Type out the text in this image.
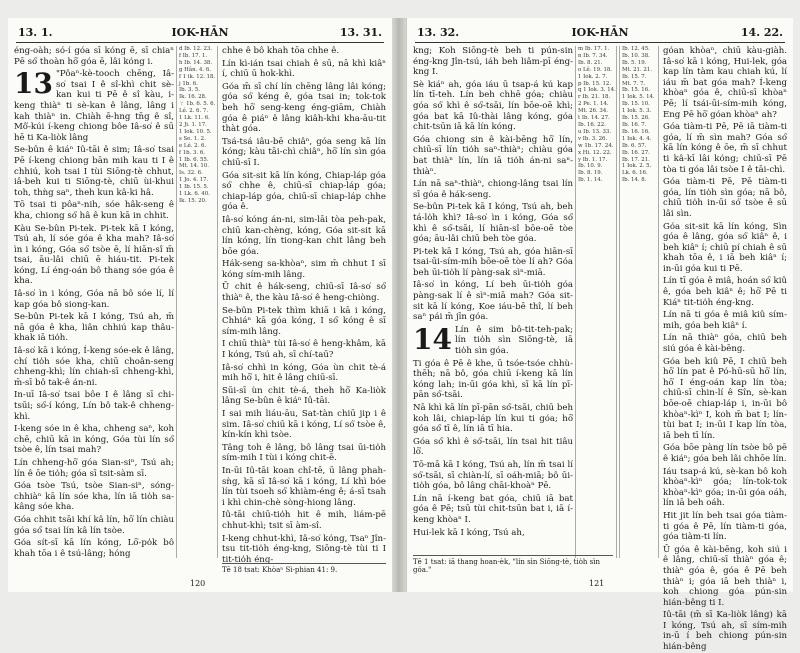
13. 1.	IOK-HĀN	13. 31.

éng-oàh; só-í góa sī kóng ē, sī chiaⁿ Pē só͘ thoàn hō͘ góa ē, lâi kóng i.

13 "Pôaⁿ-kè-tooch chēng, Iâ-so͘ tsai I ê sî-khì chit sè-kan kui ti Pē ê sî kàu, i-keng thiàⁿ ti sè-kan ê lâng, lâng i kah thiàⁿ in. Chiàh ē-hng tn̄g ê sî, Mô͘-kúi í-keng chiong bôe Iâ-so͘ ê sū hē ti Ka-liòk lâng

Se-bûn ê kiáⁿ Iû-tāi ê sim; Iâ-so͘ tsai Pē í-keng chiong bān mih kau ti I ê chhiú, koh tsai I tùi Siōng-tè chhut, iâ-beh kui ti Siōng-tè, chiū ùi-khui toh, thǹg saⁿ, theh kun kâ-ki hâ.

Tō tsai ti pôaⁿ-nih, sóe hâk-seng ê kha, chiong só͘ hâ ê kun kā in chhit.

Kàu Se-bûn Pi-tek. Pi-tek kā I kóng, Tsú ah, lí sóe góa ê kha mah? Iâ-so͘ ìn i kóng, Góa só͘ tsòe ē, lí hiān-sî m̄ tsai, āu-lâi chiū ē hiáu-tit. Pi-tek kóng, Lí éng-oán bô thang sóe góa ê kha.

Iâ-so͘ ìn i kóng, Góa nā bô sóe lí, lí kap góa bô siong-kan.

Se-bûn Pi-tek kā I kóng, Tsú ah, m̄ nā góa ê kha, liân chhiú kap thâu-khak iā tio̍h.

Iâ-so͘ kā i kóng, Í-keng sóe-ek ê lâng, chí tio̍h sóe kha, chiū choân-seng chheng-khì; lín chiah-sī chheng-khì, m̄-sī bô tak-ê án-ni.

In-uī Iâ-so͘ tsai bôe I ê lâng sī chi-tsūi; só͘-í kóng, Lín bô tak-ê chheng-khì.

I-keng sóe in ê kha, chheng saⁿ, koh chē, chiū kā in kóng, Góa tùi lín só͘ tsòe ê, lín tsai mah?

Lín chheng-hō͘ góa Sian-siⁿ, Tsú ah; lín ê ōe tio̍h; góa sī tsit-sàm sī.

Góa tsòe Tsú, tsòe Sian-siⁿ, sóng-chhiàⁿ kā lín sóe kha, lín iā tio̍h sa-kâng sóe kha.

Góa chhit tsāi khí kâ lín, hō͘ lín chiàu góa só͘ tsai lín kâ lín tsòe.

Góa sít-sī kā lín kóng, Lō͘-po̍k bô khah tōa i ê tsú-lâng; hóng

d Ib. 12. 23.
f Ib. 17. 1.
h Ib. 14. 38.
g Hân. 4. 6.
f 1 ik. 12. 18.
j 1b. 6.
Ib. 3. 5.
Ik. 16. 28.
ㄚ 1b. 6. 5. 6.
Lé. 2. 6. 7.
1 Lk. 11. 6.
2 Ji. 1. 17.
1 Iok. 10. 5.
s Se. 1. 2.
e Lé. 2. 6.
f 1b. 3. 6.
1 Ib. 6. 55.
Mt. 14. 10.
Is. 32. 6.
1 Jo. 4. 17.
1 Ib. 15. 5.
1 Lk. 6. 40.
Ik. 15. 20.

chhe ê bô khah tōa chhe ê.

Lín kì-ián tsai chiah ê sū, nā khì kiâⁿ í, chiū ū hok-khì.

Góa m̄ sī chí lín chēng lâng lâi kóng; góa só͘ kéng ê, góa tsai in; tok-tok beh hō͘ seng-keng éng-giām, Chiàh góa ê piáⁿ ê lâng kiâh-khi kha-āu-tit thàt góa.

Tsá-tsá iâu-bē chiâⁿ, góa seng kā lín kóng; kàu tāi-chì chiâⁿ, hō͘ lín sìn góa chiū-sī I.

Góa sit-sit kā lín kóng, Chiap-láp góa só͘ chhe ê, chiū-sī chiap-láp góa; chiap-láp góa, chiū-sī chiap-láp chhe góa ê.

Iâ-so͘ kóng án-ni, sim-lāi tòa peh-pak, chiū kan-chèng, kóng, Góa sit-sit kā lín kóng, lín tiong-kan chit lâng beh bōe góa.

Hák-seng sa-khòaⁿ, sim m̄ chhut I sī kóng sím-mih lâng.

Ū chit ê hák-seng, chiū-sī Iâ-so͘ só͘ thiàⁿ ê, the kàu Iâ-so͘ ê heng-chiòng.

Se-bûn Pi-tek thìm khiā i kā i kóng, Chhiáⁿ kā góa kóng, I só͘ kóng ê sī sím-mih lâng.

I chiū thiàⁿ tùi Iâ-so͘ ê heng-khâm, kā I kóng, Tsú ah, sī chí-taū?

Iâ-so͘ chhì in kóng, Góa ùn chit tè-á mih hō͘ i, hit ê lâng chiū-sī.

Sūi-sī ùn chit tè-á, theh hō͘ Ka-liòk lâng Se-bûn ê kiáⁿ Iû-tāi.

I sai mih liáu-āu, Sat-tàn chiū jip i ê sim. Iâ-so͘ chiū kā i kóng, Lí só͘ tsòe ê, kín-kín khì tsòe.

Tâng toh ê lâng, bô lâng tsai ūi-tio̍h sím-mih I tùi i kóng chit-ē.

In-ūi Iû-tāi koan chî-tē, ū lâng phah-sǹg, kā sī Iâ-so͘ kā i kóng, Lí khì bóe lín tùi tsoeh só͘ khiàm-éng ê; á-sī tsah i khì chin-chè sòng-hiong lâng.

Iû-tāi chiū-tio̍h hit ê mih, liám-pē chhut-khì; tsit sī àm-sî.

I-keng chhut-khì, Iâ-so͘ kóng, Tsaⁿ Jîn-tsu tit-tio̍h éng-kng, Siōng-tè tùi ti I tit-tio̍h éng-

Tē 18 tsat: Khòaⁿ Sì-phian 41: 9.
120
13. 32.	IOK-HĀN	14. 22.

kng; Koh Siōng-tè beh ti pún-sin éng-kng Jîn-tsú, iáh beh liâm-pī éng-kng I.

Sè kiáⁿ ah, góa iáu ū tsap-á kú kap lín tī-teh. Lín beh chhē góa; chiàu góa só͘ khì ê só͘-tsāi, lín bōe-oē khì; góa bat kā Iû-thài lâng kóng, góa chit-tsūn iā kā lín kóng.

Góa chiong sin ê kài-bēng hō͘ lín, chiū-sī lín tio̍h saⁿ-thiàⁿ; chiàu góa bat thiàⁿ lín, lín iā tio̍h án-ni saⁿ-thiàⁿ.

Lín nā saⁿ-thiàⁿ, chiong-lâng tsai lín sī góa ê hák-seng.

Se-bûn Pi-tek kā I kóng, Tsú ah, beh tá-lo̍h khì? Iâ-so͘ ìn i kóng, Góa só͘ khì ê só͘-tsāi, lí hiān-sî bōe-oē tòe góa; āu-lâi chiū beh tòe góa.

Pi-tek kā I kóng, Tsú ah, góa hiān-sī tsai-ūi-sím-mih bōe-oē tòe lí ah? Góa beh ūi-tio̍h lí pàng-sak sìⁿ-miā.

Iâ-so͘ ìn kóng, Lí beh ūi-tio̍h góa pàng-sak lí ê sìⁿ-miā mah? Góa sit-sit kā lí kóng, Koe iáu-bē thî, lí beh saⁿ pái m̄ jīn góa.

14 Lín ê sim bô-tit-teh-pak; lín tio̍h sìn Siōng-tè, iā tio̍h sìn góa.

Ti góa ê Pē ê khe, ū tsóe-tsóe chhù-thēh; nā bô, góa chiū í-keng kā lín kóng lah; in-ūi góa khì, sī kā lín pī-pān só͘-tsāi.

Nā khì kā lín pī-pān só͘-tsāi, chiū beh koh lâi, chiap-láp lín kui ti góa; hō͘ góa só͘ tī ê, lín iā tī hia.

Góa só͘ khì ê só͘-tsāi, lín tsai hit tiâu lō͘.

Tō-mā kā I kóng, Tsú ah, lín m̄ tsai lí só͘-tsāi, sī chiàn-lí, sī oáh-miā; bô ūi-tio̍h góa, bô lâng chāi-khoàⁿ Pē.

Lín nā í-keng bat góa, chiū iā bat góa ê Pē; tsū tùi chit-tsūn bat i, iā í-keng khòaⁿ I.

Hui-lek kā I kóng, Tsú ah,

m Ib. 17. 1.
n Ib. 7. 34.
Ib. 8. 21.
o Lê. 19. 18.
1 Iok. 2. 7.
p Ib. 15. 12.
q 1 Iok. 3. 14.
r Ib. 21. 18.
2 Pe. 1. 14.
Mt. 26. 34.
t Ib. 14. 27.
Ib. 16. 22.
u Ib. 13. 33.
v Ib. 3. 26.
w 1b. 17. 24.
x Hi. 12. 22.
y Ib. 1. 17.
Ib. 10. 9.
Ib. 8. 19.
Ib. 1. 14.
Ib. 12. 45.
Ib. 10. 38.
Ib. 5. 19.
Mt. 21. 21.
Ib. 15. 7.
Mt. 7. 7.
Ib. 15. 16.
1 Iok. 5. 14.
Ib. 15. 10.
1 Iok. 5. 3.
Ib. 15. 26.
Ib. 16. 7.
Ib. 16. 16.
1 Iok. 4. 4.
Ib. 6. 57.
Ib. 16. 27.
Ib. 17. 21.
1 Iok. 2. 5.
Lk. 6. 16.
Ib. 14. 8.

góan khòaⁿ, chiū kàu-giàh. Iâ-so͘ kā i kóng, Hui-lek, góa kap lín tàm kau chiah kú, lí iáu m̄ bat góa mah? Í-keng khòaⁿ góa ê, chiū-sī khòaⁿ Pē; lí tsái-ūi-sím-mih kóng, Eng Pē hō͘ góan khòaⁿ ah?

Góa tiàm-ti Pē, Pē iā tiàm-ti góa, lí m̄ sìn mah? Góa só͘ kā lín kóng ê ōe, m̄ sī chhut ti kâ-kī lâi kóng; chiū-sī Pē tòa ti góa lâi tsòe I ê tāi-chì.

Góa tiàm-ti Pē, Pē tiàm-ti góa, lín tio̍h sìn góa; nā bô, chiū tio̍h in-ūi só͘ tsòe ê sū lâi sìn.

Góa sit-sit kā lín kóng, Sìn góa ê lâng, góa só͘ kiâⁿ ê, i beh kiâⁿ í; chiū pí chiah ê sū khah tōa ê, i iā beh kiâⁿ í; in-ūi góa kui ti Pē.

Lín tī góa ê miâ, hoán só͘ kiû ê, góa beh kiâⁿ ê; hō͘ Pē ti Kiáⁿ tit-tio̍h éng-kng.

Lín nā ti góa ê miâ kiû sím-mih, góa beh kiâⁿ í.

Lín nā thiàⁿ góa, chiū beh siú góa ê kài-bēng.

Góa beh kiû Pē, I chiū beh hō͘ lín pat ê Pó-hū-sū hō͘ lín, hō͘ I éng-oán kap lín tòa; chiū-sī chin-lí ê Sîn, sè-kan bōe-oē chiap-láp i, in-ūi bô khòaⁿ-kìⁿ I, koh m̄ bat I; lín-tùi bat I; in-ūi I kap lín tòa, iā beh tī lín.

Góa bōe pàng lín tsòe bô pē ê kiáⁿ; góa beh lâi chhōe lín.

Iáu tsap-á kú, sè-kan bô koh khòaⁿ-kìⁿ góa; lín-tok-tok khòaⁿ-kìⁿ góa; in-ūi góa oáh, lín iā beh oáh.

Hit jit lín beh tsai góa tiàm-ti góa ê Pē, lín tiàm-ti góa, góa tiàm-ti lín.

Ū góa ê kài-bēng, koh siú i ê lâng, chiū-sī thiàⁿ góa ê; thiàⁿ góa ê, góa ê Pē beh thiàⁿ i; góa iā beh thiàⁿ i, koh chiong góa pún-sin hián-bêng ti I.

Iû-tāi (m̄ sī Ka-liòk lâng) kā I kóng, Tsú ah, sī sím-mih in-ū í beh chiong pún-sin hián-bêng

Tē 1 tsat: iā thang hoan-èk, "lín sìn Siōng-tè, tio̍h sìn góa."
121
